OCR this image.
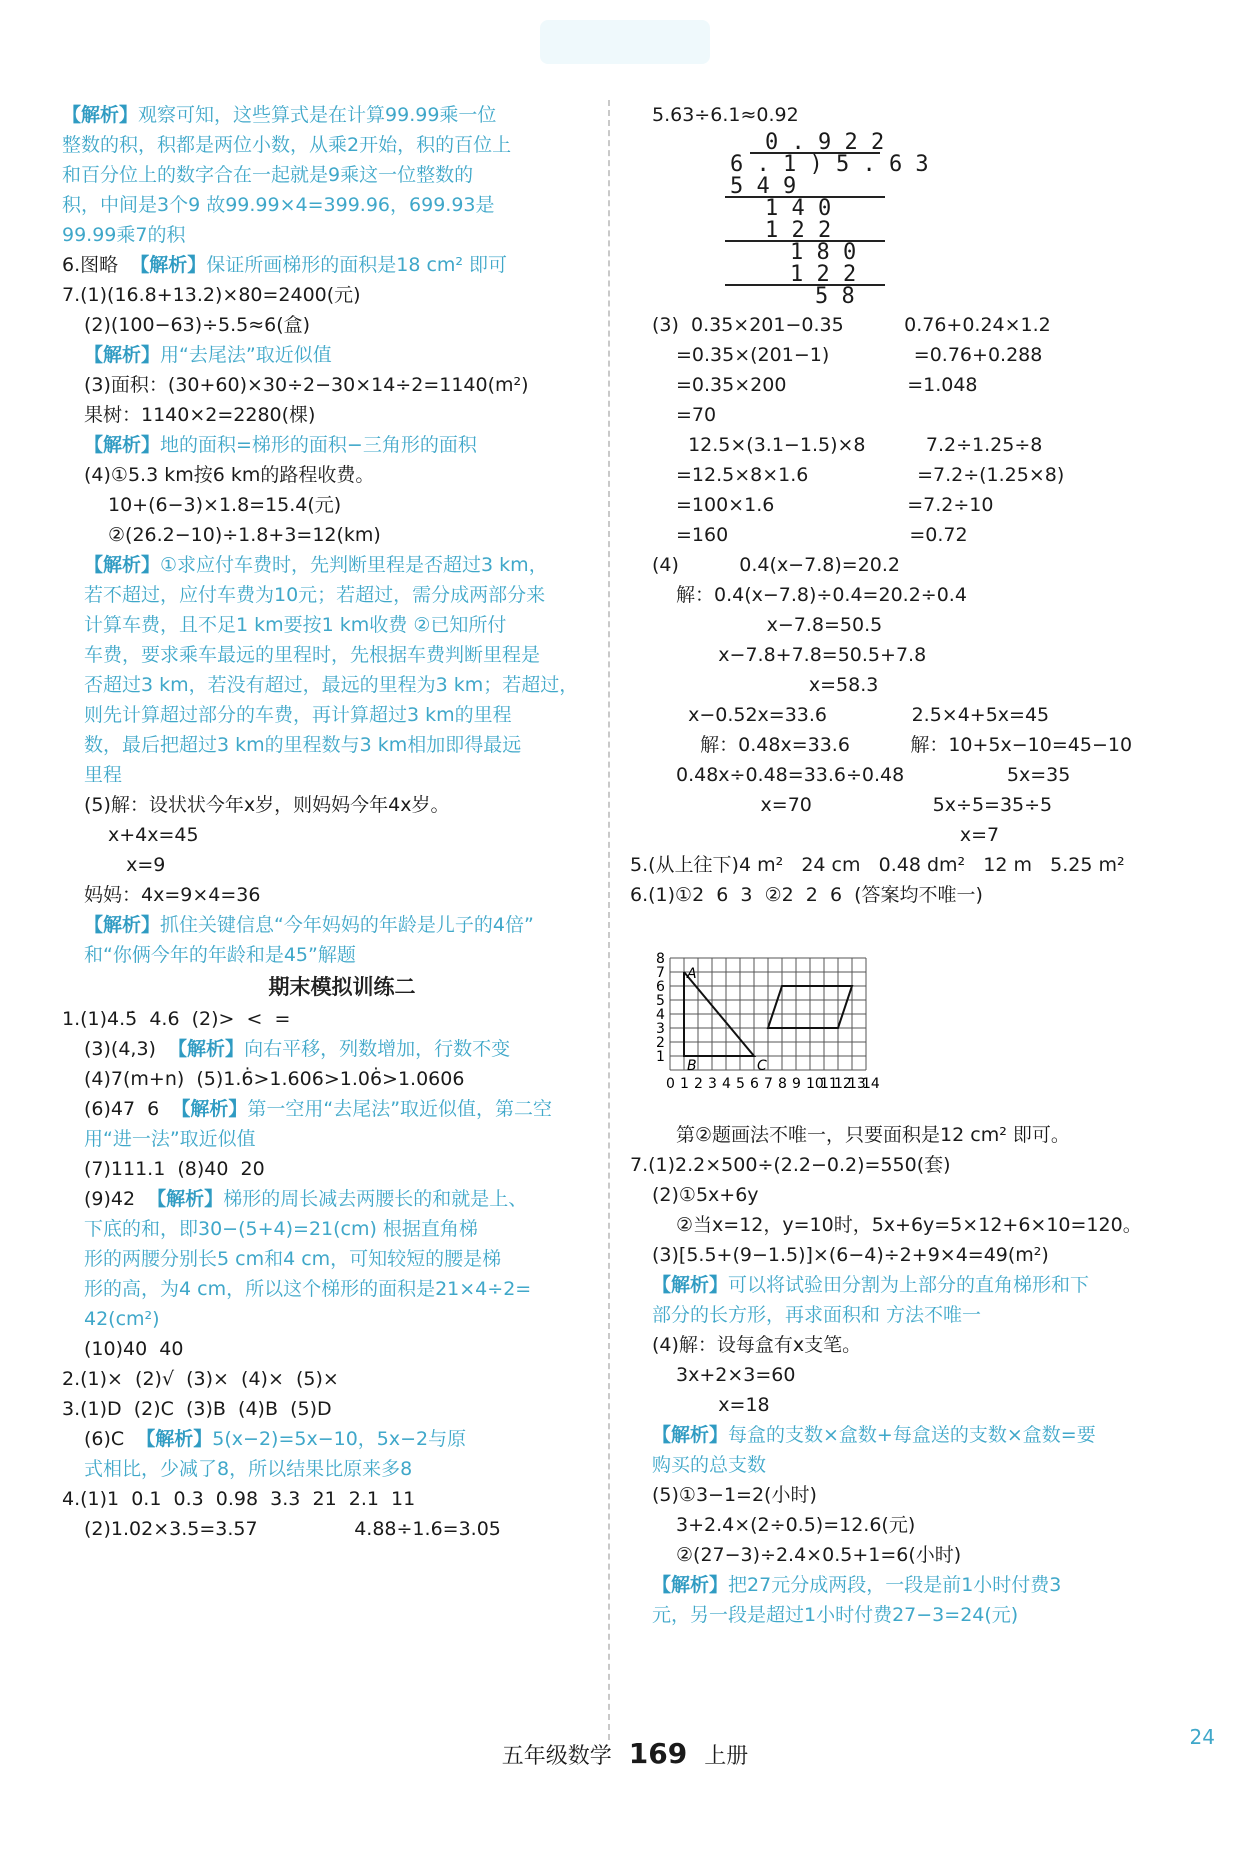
【解析】观察可知，这些算式是在计算99.99乘一位
整数的积，积都是两位小数，从乘2开始，积的百位上
和百分位上的数字合在一起就是9乘这一位整数的
积，中间是3个9 故99.99×4=399.96，699.93是
99.99乘7的积
6.图略  【解析】保证所画梯形的面积是18 cm² 即可
7.(1)(16.8+13.2)×80=2400(元)
(2)(100−63)÷5.5≈6(盒)
【解析】用“去尾法”取近似值
(3)面积：(30+60)×30÷2−30×14÷2=1140(m²)
果树：1140×2=2280(棵)
【解析】地的面积=梯形的面积−三角形的面积
(4)①5.3 km按6 km的路程收费。
10+(6−3)×1.8=15.4(元)
②(26.2−10)÷1.8+3=12(km)
【解析】①求应付车费时，先判断里程是否超过3 km，
若不超过，应付车费为10元；若超过，需分成两部分来
计算车费，且不足1 km要按1 km收费 ②已知所付
车费，要求乘车最远的里程时，先根据车费判断里程是
否超过3 km，若没有超过，最远的里程为3 km；若超过，
则先计算超过部分的车费，再计算超过3 km的里程
数，最后把超过3 km的里程数与3 km相加即得最远
里程
(5)解：设状状今年x岁，则妈妈今年4x岁。
x+4x=45
x=9
妈妈：4x=9×4=36
【解析】抓住关键信息“今年妈妈的年龄是儿子的4倍”
和“你俩今年的年龄和是45”解题
期末模拟训练二
1.(1)4.5̇  4.6  (2)>  <  =
(3)(4,3)  【解析】向右平移，列数增加，行数不变
(4)7(m+n)  (5)1.6̇>1.606>1.06̇>1.0606
(6)47  6  【解析】第一空用“去尾法”取近似值，第二空
用“进一法”取近似值
(7)111.1  (8)40  20
(9)42  【解析】梯形的周长减去两腰长的和就是上、
下底的和，即30−(5+4)=21(cm) 根据直角梯
形的两腰分别长5 cm和4 cm，可知较短的腰是梯
形的高，为4 cm，所以这个梯形的面积是21×4÷2=
42(cm²)
(10)40  40
2.(1)×  (2)√  (3)×  (4)×  (5)×
3.(1)D  (2)C  (3)B  (4)B  (5)D
(6)C  【解析】5(x−2)=5x−10，5x−2与原
式相比，少减了8，所以结果比原来多8
4.(1)1  0.1  0.3  0.98  3.3  21  2.1  11
(2)1.02×3.5=3.57                4.88÷1.6=3.05
5.63÷6.1≈0.92
0 . 9 2 2
6 . 1 ) 5 . 6 3
5 4 9
1 4 0
1 2 2
1 8 0
1 2 2
5 8
(3)  0.35×201−0.35          0.76+0.24×1.2
=0.35×(201−1)              =0.76+0.288
=0.35×200                    =1.048
=70
12.5×(3.1−1.5)×8          7.2÷1.25÷8
=12.5×8×1.6                  =7.2÷(1.25×8)
=100×1.6                      =7.2÷10
=160                              =0.72
(4)          0.4(x−7.8)=20.2
解：0.4(x−7.8)÷0.4=20.2÷0.4
x−7.8=50.5
x−7.8+7.8=50.5+7.8
x=58.3
x−0.52x=33.6              2.5×4+5x=45
解：0.48x=33.6          解：10+5x−10=45−10
0.48x÷0.48=33.6÷0.48                 5x=35
x=70                    5x÷5=35÷5
x=7
5.(从上往下)4 m²   24 cm   0.48 dm²   12 m   5.25 m²
6.(1)①2  6  3  ②2  2  6  (答案均不唯一)
0 1 2 3 4 5 6 7 8 9 10
11
12
13
14
1
2
3
4
5
6
7
8
A
B	C
第②题画法不唯一，只要面积是12 cm² 即可。
7.(1)2.2×500÷(2.2−0.2)=550(套)
(2)①5x+6y
②当x=12，y=10时，5x+6y=5×12+6×10=120。
(3)[5.5+(9−1.5)]×(6−4)÷2+9×4=49(m²)
【解析】可以将试验田分割为上部分的直角梯形和下
部分的长方形，再求面积和 方法不唯一
(4)解：设每盒有x支笔。
3x+2×3=60
x=18
【解析】每盒的支数×盒数+每盒送的支数×盒数=要
购买的总支数
(5)①3−1=2(小时)
3+2.4×(2÷0.5)=12.6(元)
②(27−3)÷2.4×0.5+1=6(小时)
【解析】把27元分成两段，一段是前1小时付费3
元，另一段是超过1小时付费27−3=24(元)
五年级数学 169 上册
24
